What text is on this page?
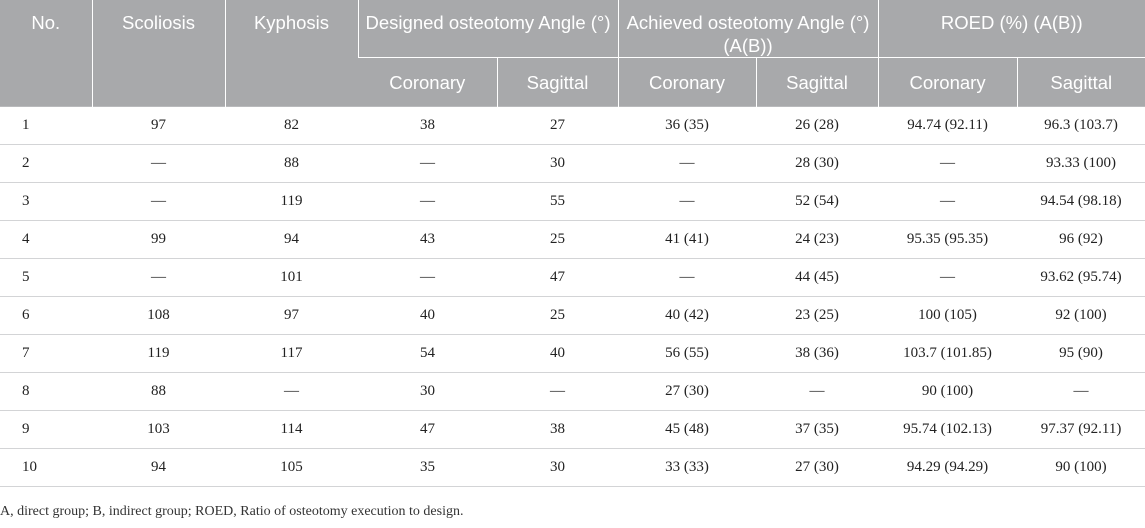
No.	Scoliosis	Kyphosis	Designed osteotomy Angle (°)		Achieved osteotomy Angle (°) (A(B))		ROED (%) (A(B))	
			Coronary	Sagittal	Coronary	Sagittal	Coronary	Sagittal
1	97	82	38	27	36 (35)	26 (28)	94.74 (92.11)	96.3 (103.7)
2	—	88	—	30	—	28 (30)	—	93.33 (100)
3	—	119	—	55	—	52 (54)	—	94.54 (98.18)
4	99	94	43	25	41 (41)	24 (23)	95.35 (95.35)	96 (92)
5	—	101	—	47	—	44 (45)	—	93.62 (95.74)
6	108	97	40	25	40 (42)	23 (25)	100 (105)	92 (100)
7	119	117	54	40	56 (55)	38 (36)	103.7 (101.85)	95 (90)
8	88	—	30	—	27 (30)	—	90 (100)	—
9	103	114	47	38	45 (48)	37 (35)	95.74 (102.13)	97.37 (92.11)
10	94	105	35	30	33 (33)	27 (30)	94.29 (94.29)	90 (100)
A, direct group; B, indirect group; ROED, Ratio of osteotomy execution to design.
